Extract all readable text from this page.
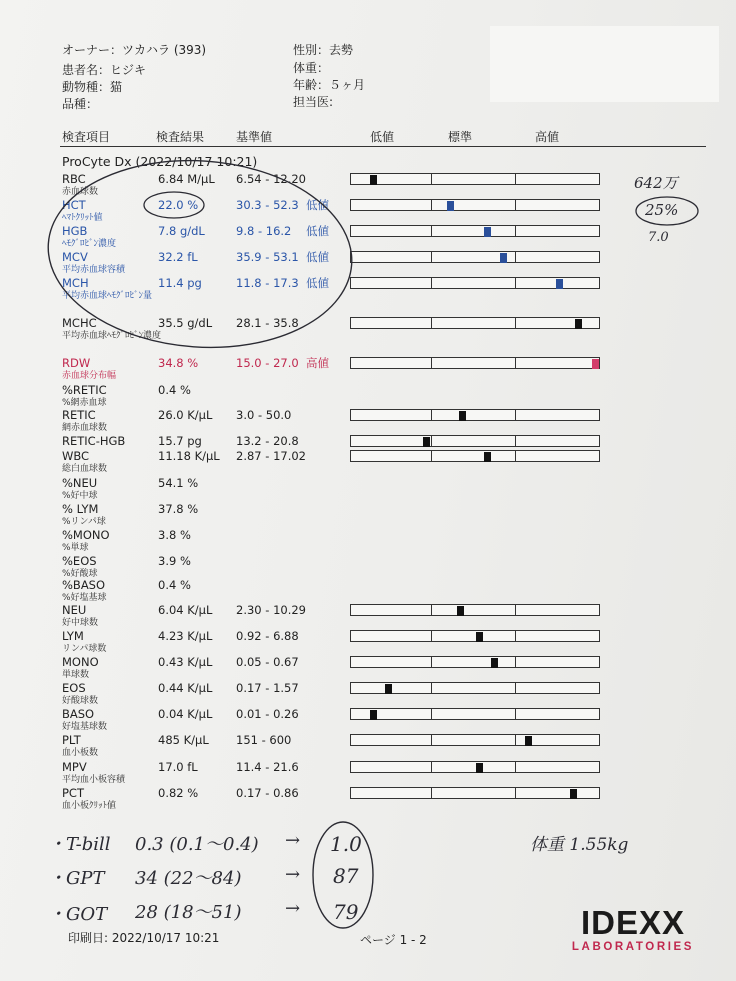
オーナー：ツカハラ (393)
患者名：ヒジキ
動物種：猫
品種：
性別：去勢
体重：
年齢：５ヶ月
担当医:
検査項目	検査結果	基準値	低値	標準	高値
ProCyte Dx (2022/10/17 10:21)
RBC
赤血球数
6.84 M/µL 6.54 - 12.20
HCT
ﾍﾏﾄｸﾘｯﾄ値
22.0 %	30.3 - 52.3 低値
HGB
ﾍﾓｸﾞﾛﾋﾞﾝ濃度
7.8 g/dL	9.8 - 16.2 低値
MCV
平均赤血球容積
32.2 fL	35.9 - 53.1 低値
MCH
平均赤血球ﾍﾓｸﾞﾛﾋﾞﾝ量
11.4 pg	11.8 - 17.3 低値
MCHC
平均赤血球ﾍﾓｸﾞﾛﾋﾞﾝ濃度
35.5 g/dL 28.1 - 35.8
RDW
赤血球分布幅
34.8 %	15.0 - 27.0 高値
%RETIC
%網赤血球
0.4 %
RETIC
網赤血球数
26.0 K/µL 3.0 - 50.0
RETIC-HGB	15.7 pg	13.2 - 20.8
WBC
総白血球数
11.18 K/µL 2.87 - 17.02
%NEU
%好中球
54.1 %
% LYM
%リンパ球
37.8 %
%MONO
%単球
3.8 %
%EOS
%好酸球
3.9 %
%BASO
%好塩基球
0.4 %
NEU
好中球数
6.04 K/µL 2.30 - 10.29
LYM
リンパ球数
4.23 K/µL 0.92 - 6.88
MONO
単球数
0.43 K/µL 0.05 - 0.67
EOS
好酸球数
0.44 K/µL 0.17 - 1.57
BASO
好塩基球数
0.04 K/µL 0.01 - 0.26
PLT
血小板数
485 K/µL 151 - 600
MPV
平均血小板容積
17.0 fL	11.4 - 21.6
PCT
血小板ｸﾘｯﾄ値
0.82 %	0.17 - 0.86
642万
25%
7.0
体重 1.55kg
・T-bill 0.3 (0.1～0.4) → 1.0
・GPT 34 (22～84) → 87
・GOT 28 (18～51) → 79
印刷日: 2022/10/17 10:21	ページ 1 - 2	IDEXX
LABORATORIES
